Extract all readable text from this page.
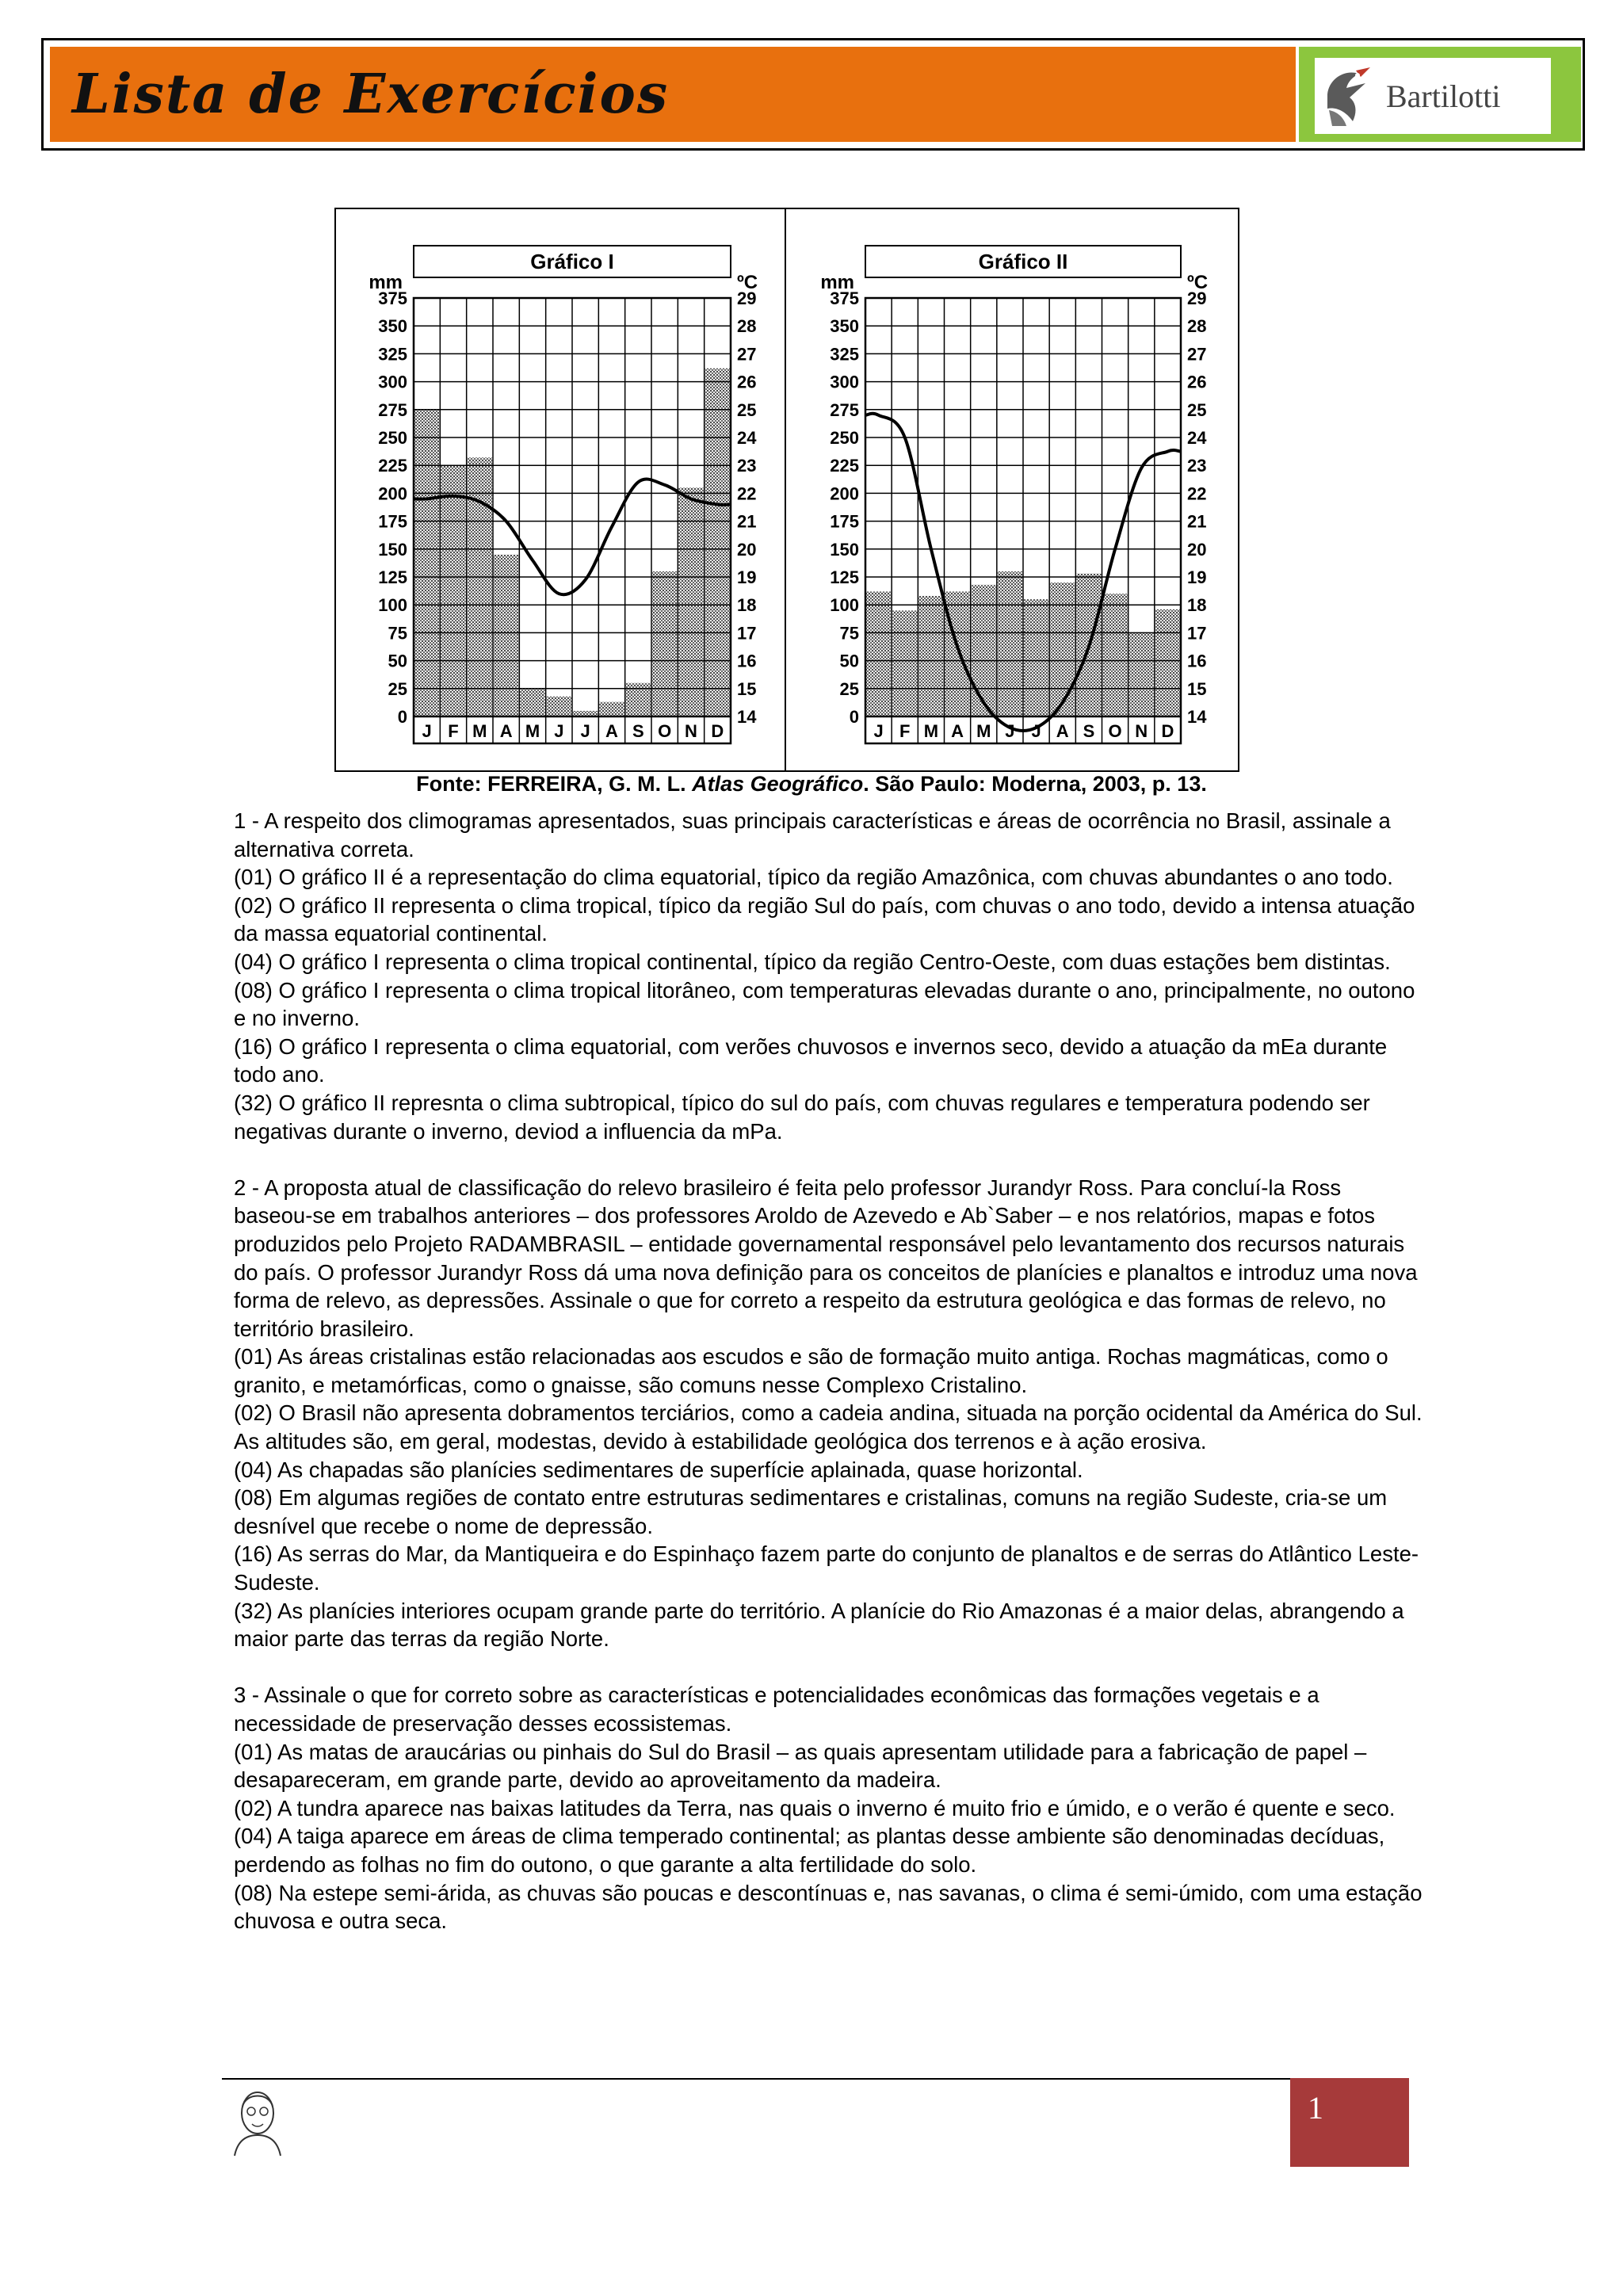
Lista de Exercícios	Bartilotti
Gráfico I
mm	ºC
375
350
325
300
275
250
225
200
175
150
125
100
75
50
25
0
29
28
27
26
25
24
23
22
21
20
19
18
17
16
15
14
J F M A M J J A S O N D
Gráfico II
mm	ºC
375
350
325
300
275
250
225
200
175
150
125
100
75
50
25
0
29
28
27
26
25
24
23
22
21
20
19
18
17
16
15
14
J F M A M J J A S O N D
Fonte: FERREIRA, G. M. L. Atlas Geográfico. São Paulo: Moderna, 2003, p. 13.

1 - A respeito dos climogramas apresentados, suas principais características e áreas de ocorrência no Brasil, assinale a alternativa correta.

(01) O gráfico II é a representação do clima equatorial, típico da região Amazônica, com chuvas abundantes o ano todo.

(02) O gráfico II representa o clima tropical, típico da região Sul do país, com chuvas o ano todo, devido a intensa atuação da massa equatorial continental.

(04) O gráfico I representa o clima tropical continental, típico da região Centro-Oeste, com duas estações bem distintas.

(08) O gráfico I representa o clima tropical litorâneo, com temperaturas elevadas durante o ano, principalmente, no outono e no inverno.

(16) O gráfico I representa o clima equatorial, com verões chuvosos e invernos seco, devido a atuação da mEa durante todo ano.

(32) O gráfico II represnta o clima subtropical, típico do sul do país, com chuvas regulares e temperatura podendo ser negativas durante o inverno, deviod a influencia da mPa.

2 - A proposta atual de classificação do relevo brasileiro é feita pelo professor Jurandyr Ross. Para concluí-la Ross baseou-se em trabalhos anteriores – dos professores Aroldo de Azevedo e Ab`Saber – e nos relatórios, mapas e fotos produzidos pelo Projeto RADAMBRASIL – entidade governamental responsável pelo levantamento dos recursos naturais do país. O professor Jurandyr Ross dá uma nova definição para os conceitos de planícies e planaltos e introduz uma nova forma de relevo, as depressões. Assinale o que for correto a respeito da estrutura geológica e das formas de relevo, no território brasileiro.

(01) As áreas cristalinas estão relacionadas aos escudos e são de formação muito antiga. Rochas magmáticas, como o granito, e metamórficas, como o gnaisse, são comuns nesse Complexo Cristalino.

(02) O Brasil não apresenta dobramentos terciários, como a cadeia andina, situada na porção ocidental da América do Sul. As altitudes são, em geral, modestas, devido à estabilidade geológica dos terrenos e à ação erosiva.

(04) As chapadas são planícies sedimentares de superfície aplainada, quase horizontal.

(08) Em algumas regiões de contato entre estruturas sedimentares e cristalinas, comuns na região Sudeste, cria-se um desnível que recebe o nome de depressão.

(16) As serras do Mar, da Mantiqueira e do Espinhaço fazem parte do conjunto de planaltos e de serras do Atlântico Leste-Sudeste.

(32) As planícies interiores ocupam grande parte do território. A planície do Rio Amazonas é a maior delas, abrangendo a maior parte das terras da região Norte.

3 - Assinale o que for correto sobre as características e potencialidades econômicas das formações vegetais e a necessidade de preservação desses ecossistemas.

(01) As matas de araucárias ou pinhais do Sul do Brasil – as quais apresentam utilidade para a fabricação de papel – desapareceram, em grande parte, devido ao aproveitamento da madeira.

(02) A tundra aparece nas baixas latitudes da Terra, nas quais o inverno é muito frio e úmido, e o verão é quente e seco.

(04) A taiga aparece em áreas de clima temperado continental; as plantas desse ambiente são denominadas decíduas, perdendo as folhas no fim do outono, o que garante a alta fertilidade do solo.

(08) Na estepe semi-árida, as chuvas são poucas e descontínuas e, nas savanas, o clima é semi-úmido, com uma estação chuvosa e outra seca.

1
